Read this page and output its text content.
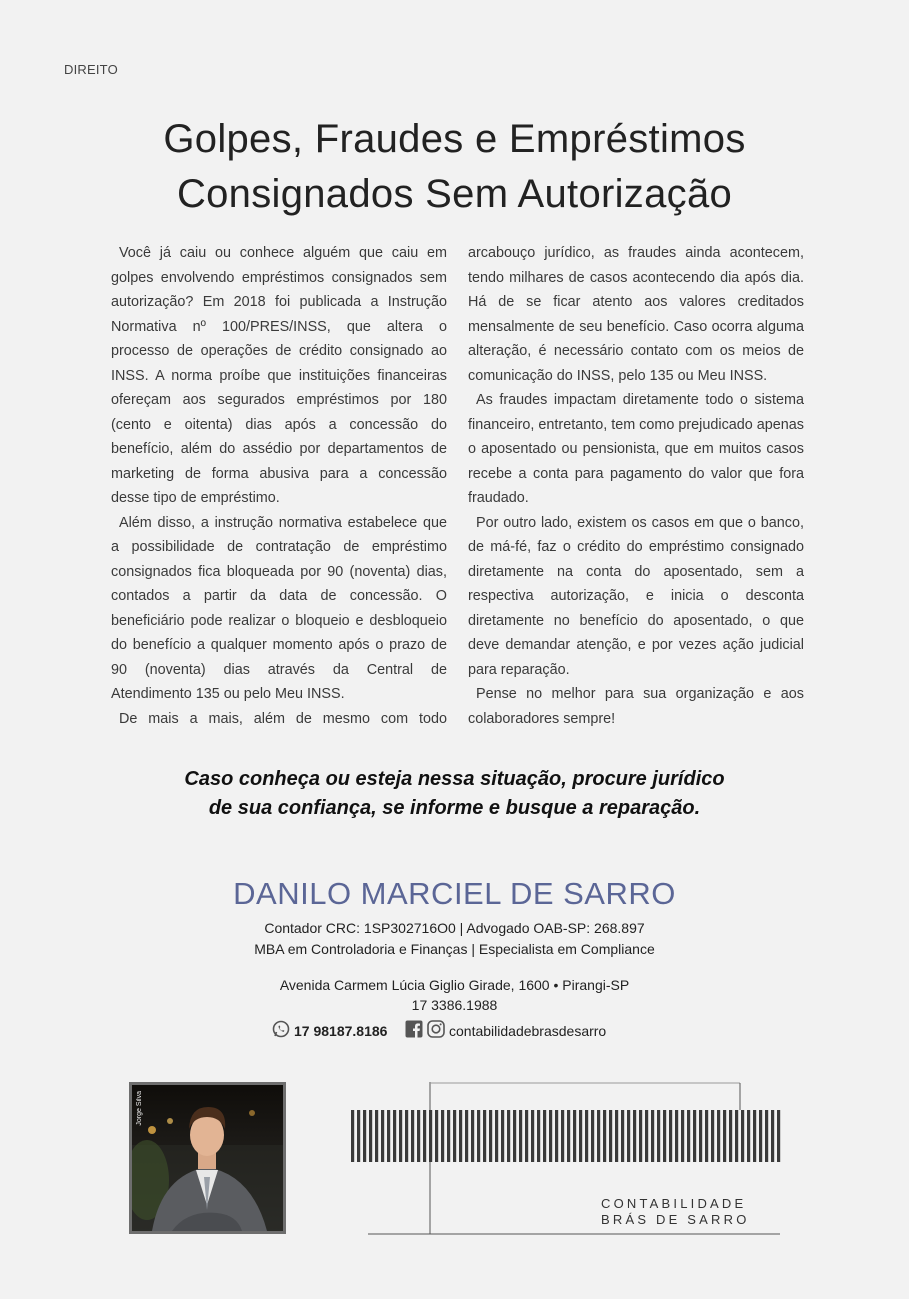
DIREITO
Golpes, Fraudes e Empréstimos
Consignados Sem Autorização

Você já caiu ou conhece alguém que caiu em golpes envolvendo empréstimos consignados sem autorização? Em 2018 foi publicada a Instrução Normativa nº 100/PRES/INSS, que altera o processo de operações de crédito consignado ao INSS. A norma proíbe que instituições financeiras ofereçam aos segurados empréstimos por 180 (cento e oitenta) dias após a concessão do benefício, além do assédio por departamentos de marketing de forma abusiva para a concessão desse tipo de empréstimo.

Além disso, a instrução normativa estabelece que a possibilidade de contratação de empréstimo consignados fica bloqueada por 90 (noventa) dias, contados a partir da data de concessão. O beneficiário pode realizar o bloqueio e desbloqueio do benefício a qualquer momento após o prazo de 90 (noventa) dias através da Central de Atendimento 135 ou pelo Meu INSS.

De mais a mais, além de mesmo com todo

arcabouço jurídico, as fraudes ainda acontecem, tendo milhares de casos acontecendo dia após dia. Há de se ficar atento aos valores creditados mensalmente de seu benefício. Caso ocorra alguma alteração, é necessário contato com os meios de comunicação do INSS, pelo 135 ou Meu INSS.

As fraudes impactam diretamente todo o sistema financeiro, entretanto, tem como prejudicado apenas o aposentado ou pensionista, que em muitos casos recebe a conta para pagamento do valor que fora fraudado.

Por outro lado, existem os casos em que o banco, de má-fé, faz o crédito do empréstimo consignado diretamente na conta do aposentado, sem a respectiva autorização, e inicia o desconta diretamente no benefício do aposentado, o que deve demandar atenção, e por vezes ação judicial para reparação.

Pense no melhor para sua organização e aos colaboradores sempre!

Caso conheça ou esteja nessa situação, procure jurídico
de sua confiança, se informe e busque a reparação.
DANILO MARCIEL DE SARRO
Contador CRC: 1SP302716O0 | Advogado OAB-SP: 268.897
MBA em Controladoria e Finanças | Especialista em Compliance
Avenida Carmem Lúcia Giglio Girade, 1600 • Pirangi-SP
17 3386.1988
17 98187.8186	contabilidadebrasdesarro
Jorge Silva
CONTABILIDADE
BRÁS DE SARRO
